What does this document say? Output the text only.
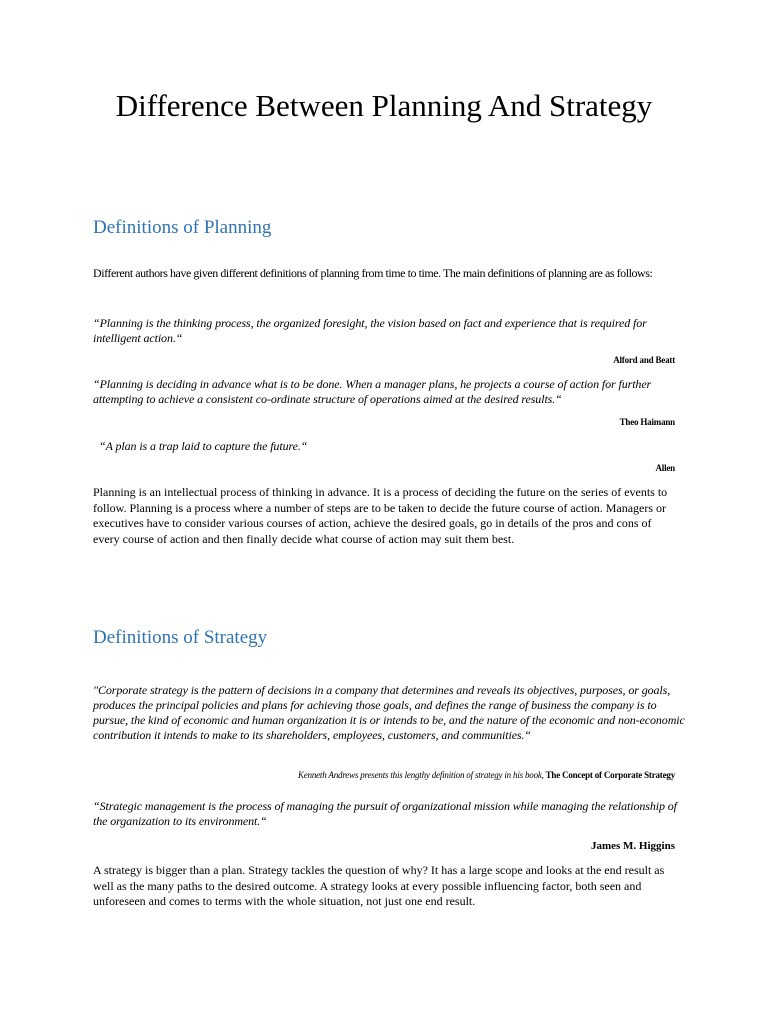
Difference Between Planning And Strategy
Definitions of Planning

Different authors have given different definitions of planning from time to time. The main definitions of planning are as follows:

“Planning is the thinking process, the organized foresight, the vision based on fact and experience that is required for intelligent action.“

Alford and Beatt

“Planning is deciding in advance what is to be done. When a manager plans, he projects a course of action for further attempting to achieve a consistent co-ordinate structure of operations aimed at the desired results.“

Theo Haimann

“A plan is a trap laid to capture the future.“

Allen

Planning is an intellectual process of thinking in advance. It is a process of deciding the future on the series of events to follow. Planning is a process where a number of steps are to be taken to decide the future course of action. Managers or executives have to consider various courses of action, achieve the desired goals, go in details of the pros and cons of every course of action and then finally decide what course of action may suit them best.

Definitions of Strategy

"Corporate strategy is the pattern of decisions in a company that determines and reveals its objectives, purposes, or goals, produces the principal policies and plans for achieving those goals, and defines the range of business the company is to pursue, the kind of economic and human organization it is or intends to be, and the nature of the economic and non-economic contribution it intends to make to its shareholders, employees, customers, and communities.“

Kenneth Andrews presents this lengthy definition of strategy in his book, The Concept of Corporate Strategy

“Strategic management is the process of managing the pursuit of organizational mission while managing the relationship of the organization to its environment.“

James M. Higgins

A strategy is bigger than a plan. Strategy tackles the question of why? It has a large scope and looks at the end result as well as the many paths to the desired outcome. A strategy looks at every possible influencing factor, both seen and unforeseen and comes to terms with the whole situation, not just one end result.
